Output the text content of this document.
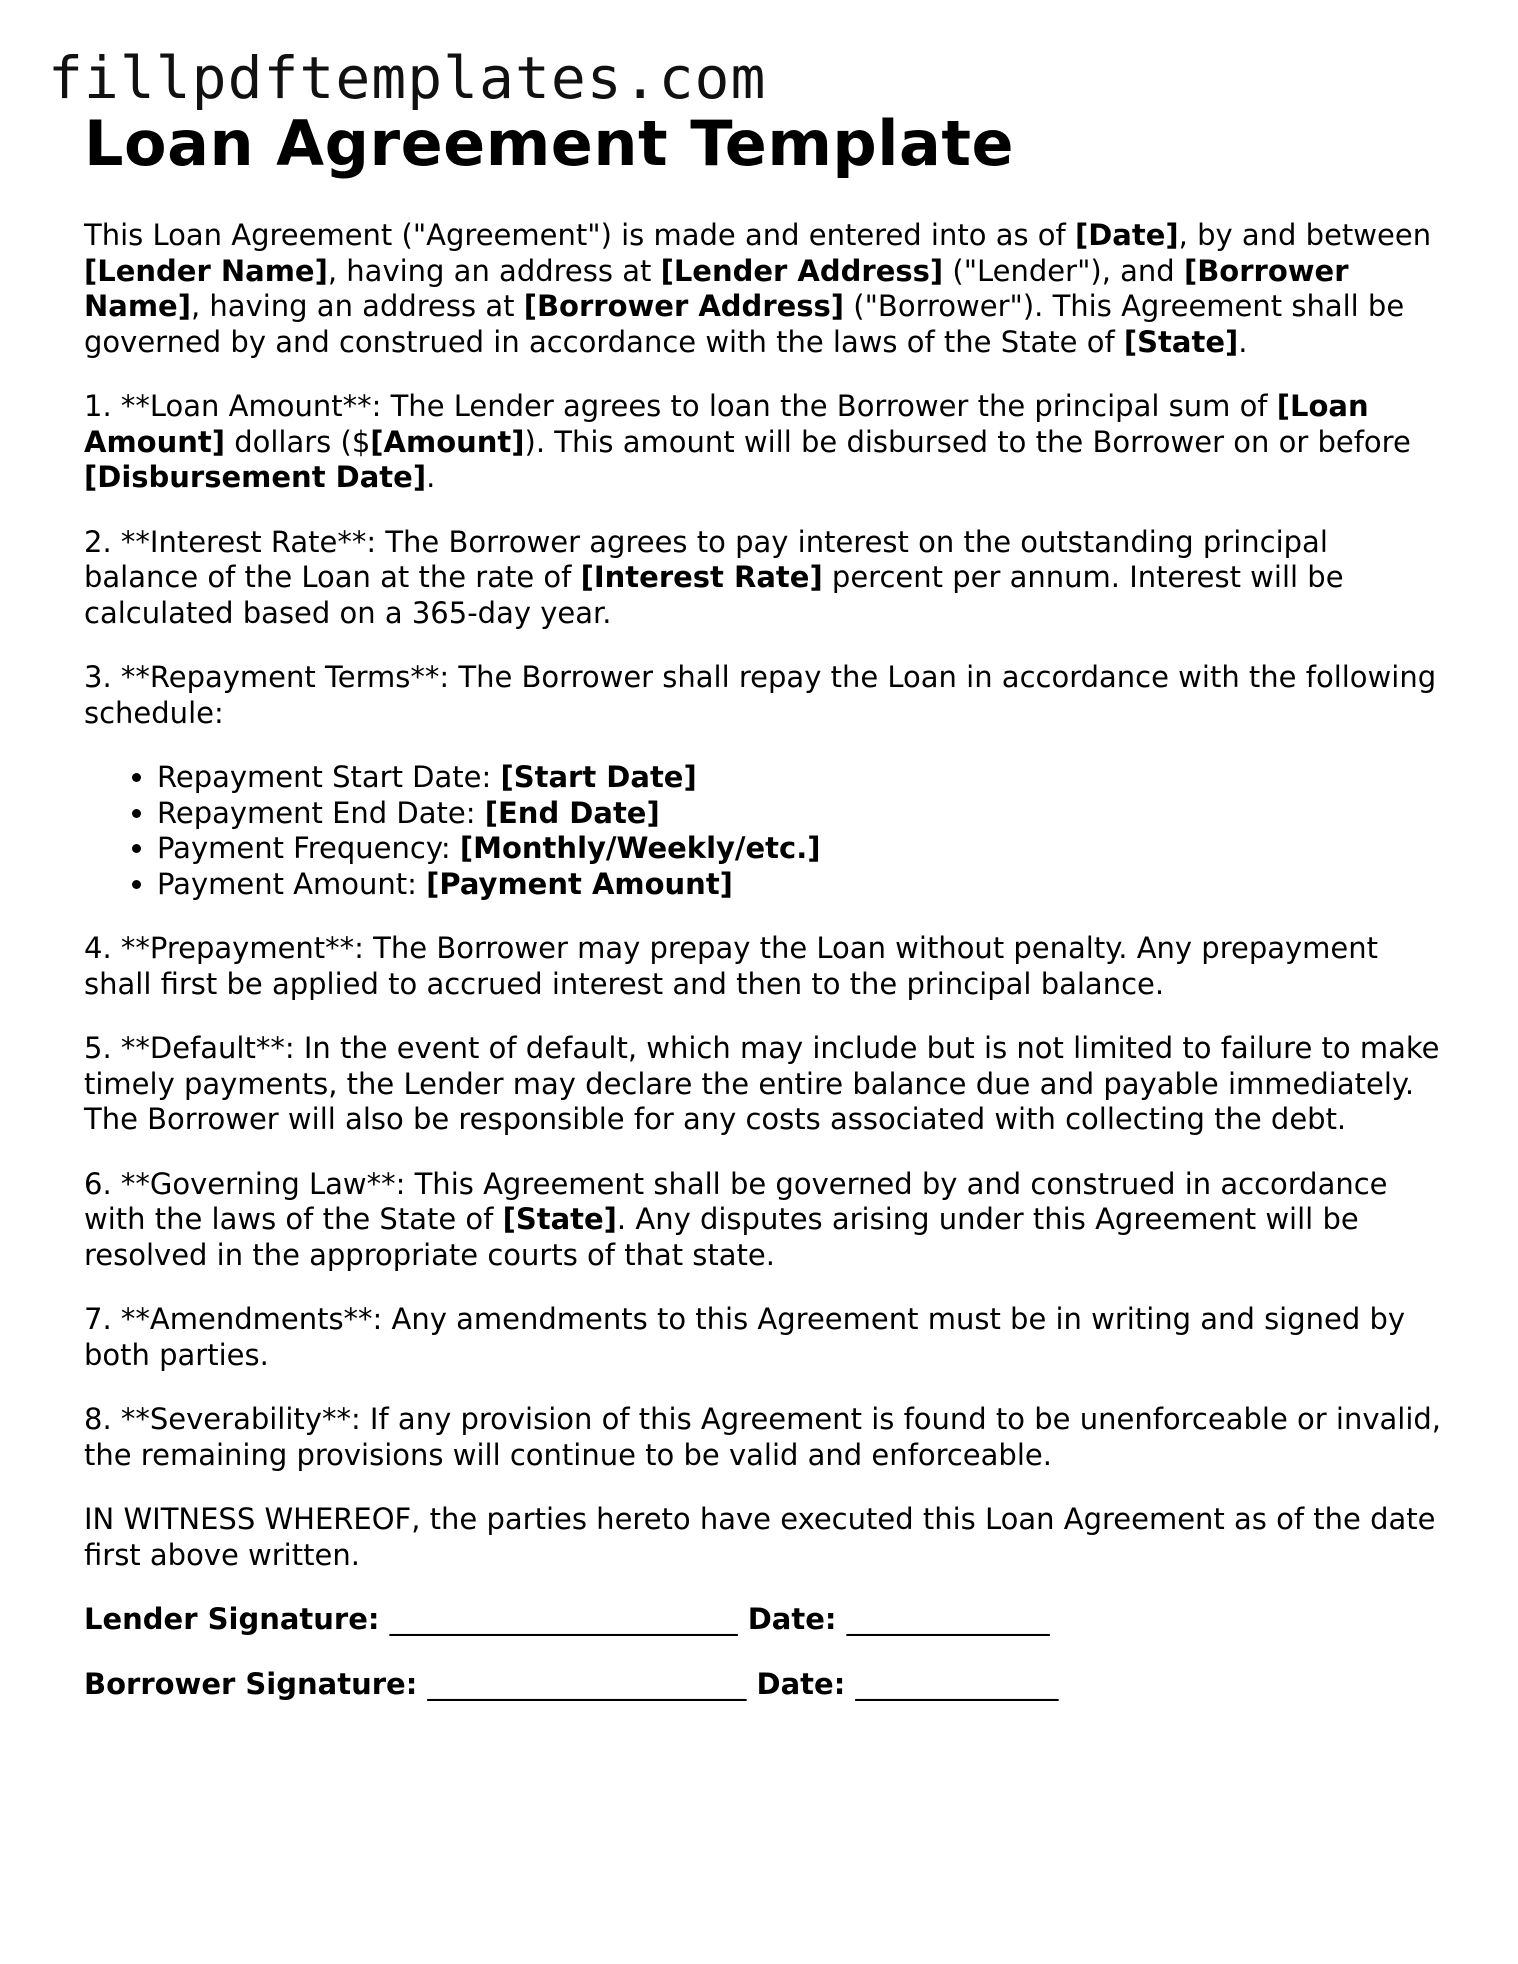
fillpdftemplates.com
Loan Agreement Template

This Loan Agreement ("Agreement") is made and entered into as of [Date], by and between [Lender Name], having an address at [Lender Address] ("Lender"), and [Borrower Name], having an address at [Borrower Address] ("Borrower"). This Agreement shall be governed by and construed in accordance with the laws of the State of [State].

1. **Loan Amount**: The Lender agrees to loan the Borrower the principal sum of [Loan Amount] dollars ($[Amount]). This amount will be disbursed to the Borrower on or before [Disbursement Date].

2. **Interest Rate**: The Borrower agrees to pay interest on the outstanding principal balance of the Loan at the rate of [Interest Rate] percent per annum. Interest will be calculated based on a 365-day year.

3. **Repayment Terms**: The Borrower shall repay the Loan in accordance with the following schedule:

• Repayment Start Date: [Start Date]
• Repayment End Date: [End Date]
• Payment Frequency: [Monthly/Weekly/etc.]
• Payment Amount: [Payment Amount]

4. **Prepayment**: The Borrower may prepay the Loan without penalty. Any prepayment shall first be applied to accrued interest and then to the principal balance.

5. **Default**: In the event of default, which may include but is not limited to failure to make timely payments, the Lender may declare the entire balance due and payable immediately. The Borrower will also be responsible for any costs associated with collecting the debt.

6. **Governing Law**: This Agreement shall be governed by and construed in accordance with the laws of the State of [State]. Any disputes arising under this Agreement will be resolved in the appropriate courts of that state.

7. **Amendments**: Any amendments to this Agreement must be in writing and signed by both parties.

8. **Severability**: If any provision of this Agreement is found to be unenforceable or invalid, the remaining provisions will continue to be valid and enforceable.

IN WITNESS WHEREOF, the parties hereto have executed this Loan Agreement as of the date first above written.

Lender Signature: ________________________ Date: ______________

Borrower Signature: ______________________ Date: ______________
